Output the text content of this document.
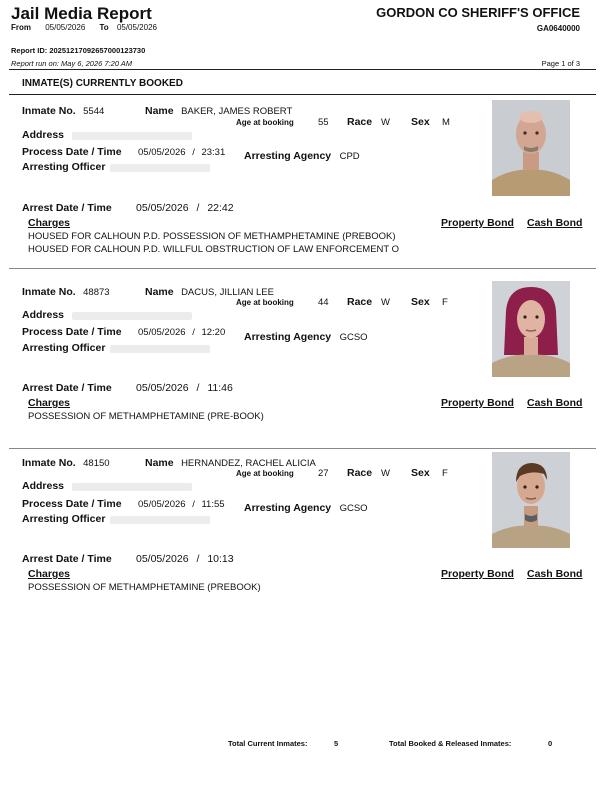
Jail Media Report	GORDON CO SHERIFF'S OFFICE
GA0640000
From 05/05/2026 To 05/05/2026
Report ID: 20251217092657000123730
Report run on: May 6, 2026 7:20 AM	Page 1 of 3
INMATE(S) CURRENTLY BOOKED
Inmate No. 5544	Name BAKER, JAMES ROBERT
Age at booking	55 Race W Sex M
Address
Process Date / Time 05/05/2026 / 23:31 Arresting Agency CPD
Arresting Officer
Arrest Date / Time 05/05/2026 / 22:42
Charges	Property Bond Cash Bond
HOUSED FOR CALHOUN P.D. POSSESSION OF METHAMPHETAMINE (PREBOOK)
HOUSED FOR CALHOUN P.D. WILLFUL OBSTRUCTION OF LAW ENFORCEMENT O
Inmate No. 48873	Name DACUS, JILLIAN LEE
Age at booking	44 Race W Sex F
Address
Process Date / Time 05/05/2026 / 12:20 Arresting Agency GCSO
Arresting Officer
Arrest Date / Time 05/05/2026 / 11:46
Charges	Property Bond Cash Bond
POSSESSION OF METHAMPHETAMINE (PRE-BOOK)
Inmate No. 48150	Name HERNANDEZ, RACHEL ALICIA
Age at booking	27 Race W Sex F
Address
Process Date / Time 05/05/2026 / 11:55 Arresting Agency GCSO
Arresting Officer
Arrest Date / Time 05/05/2026 / 10:13
Charges	Property Bond Cash Bond
POSSESSION OF METHAMPHETAMINE (PREBOOK)
Total Current Inmates:	5	Total Booked & Released Inmates:	0
